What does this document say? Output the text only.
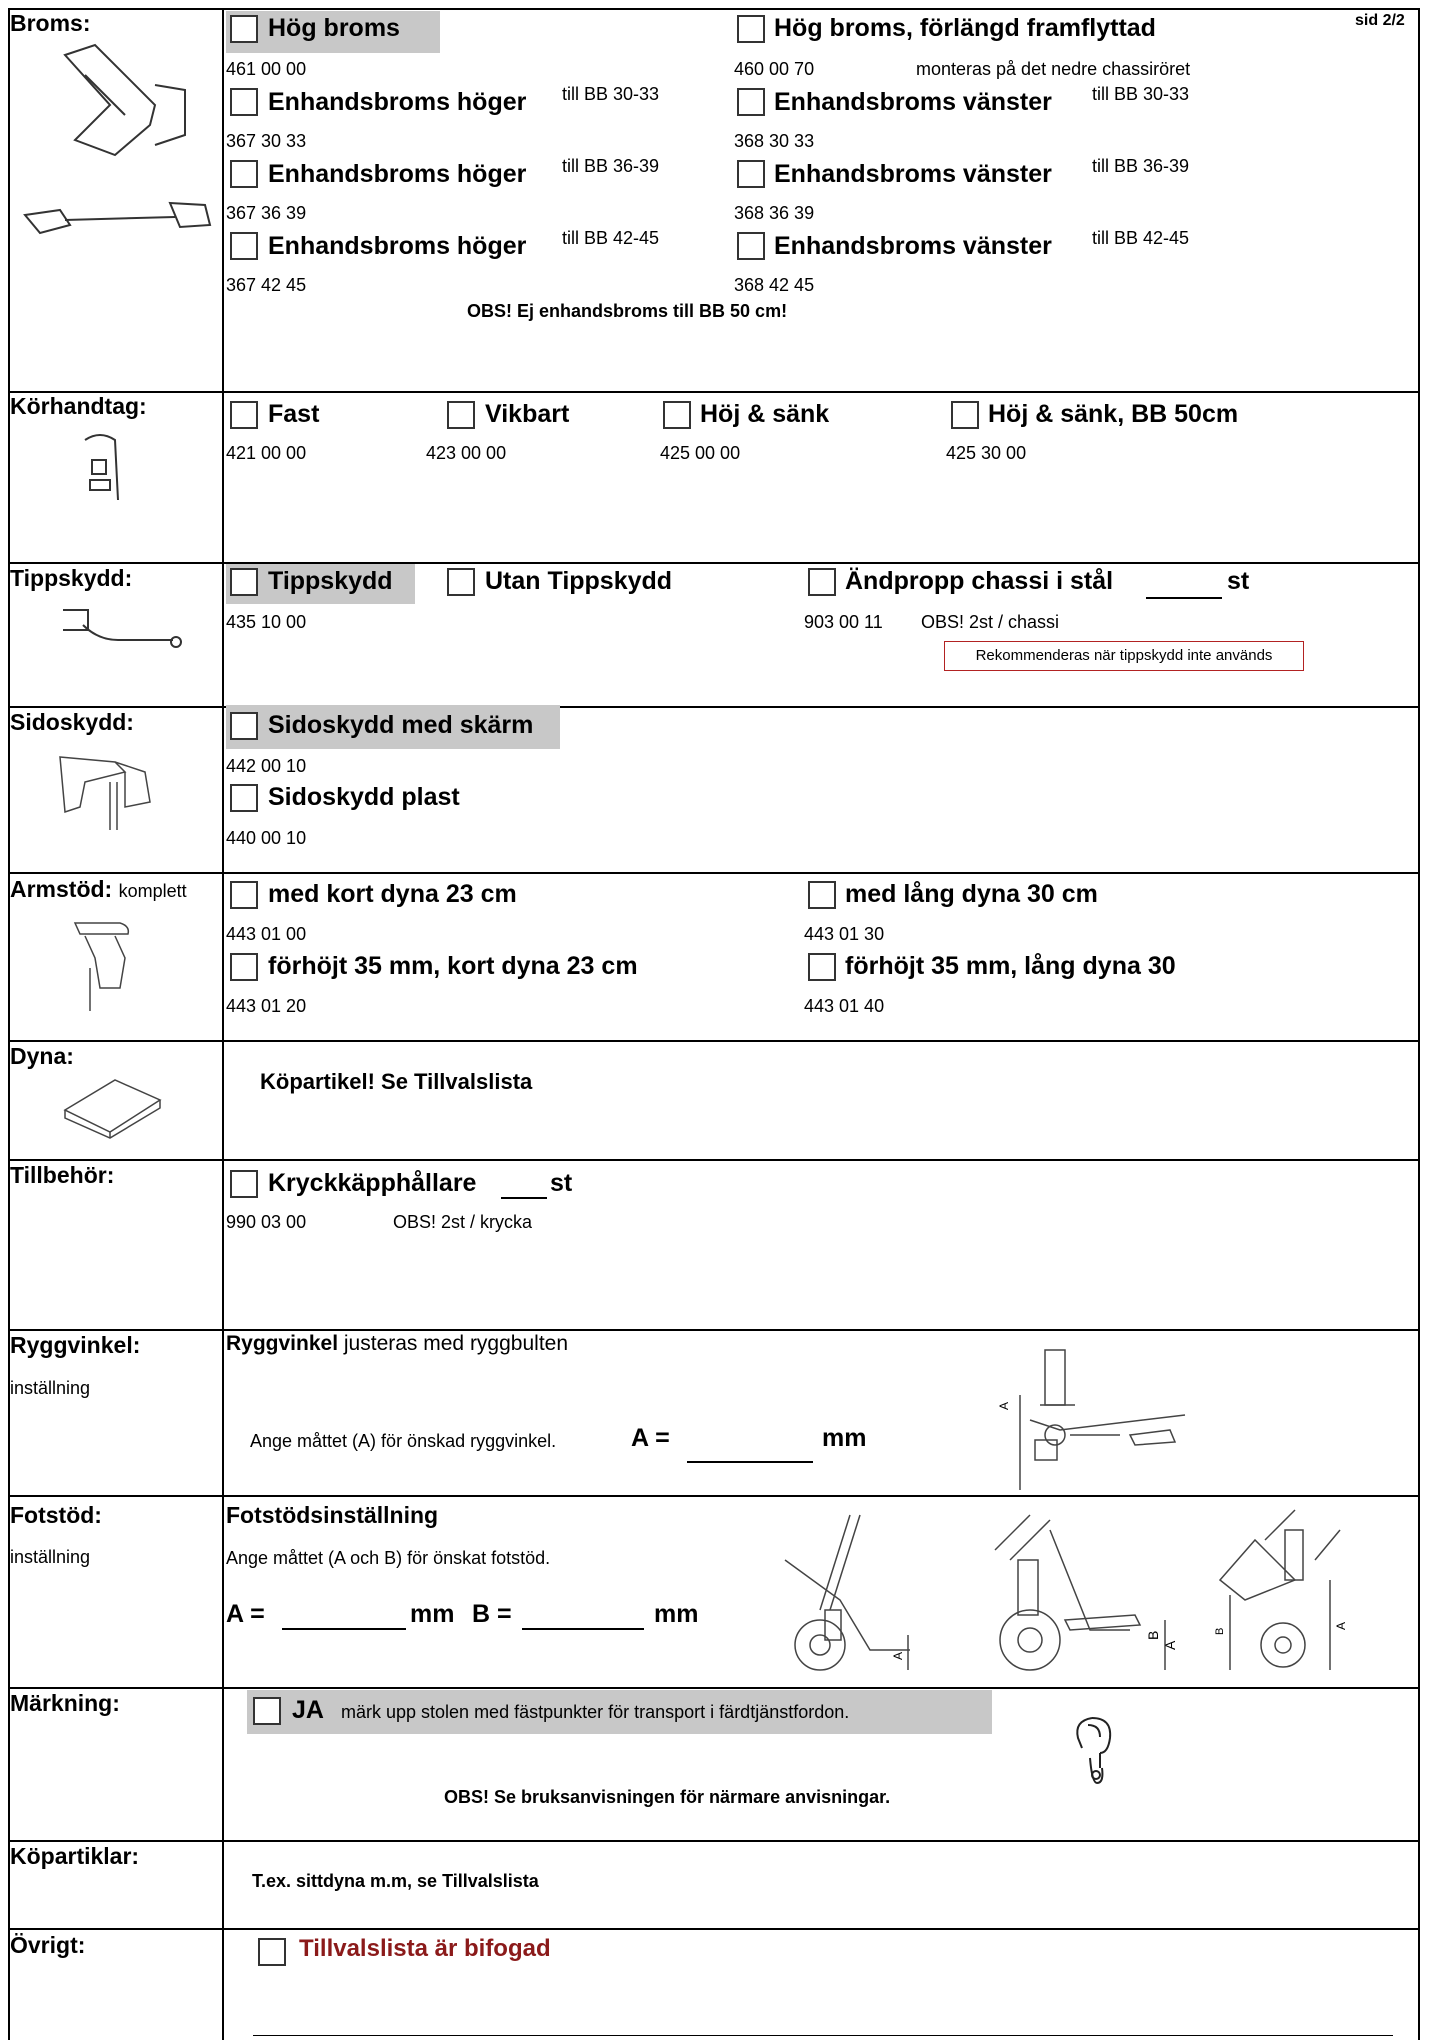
sid 2/2
Broms:	Hög broms
461 00 00
Hög broms, förlängd framflyttad
460 00 70	monteras på det nedre chassiröret
Enhandsbroms höger till BB 30-33
367 30 33
Enhandsbroms vänster till BB 30-33
368 30 33
Enhandsbroms höger till BB 36-39
367 36 39
Enhandsbroms vänster till BB 36-39
368 36 39
Enhandsbroms höger till BB 42-45
367 42 45
Enhandsbroms vänster till BB 42-45
368 42 45
OBS! Ej enhandsbroms till BB 50 cm!
Körhandtag:	Fast
421 00 00
Vikbart
423 00 00
Höj & sänk
425 00 00
Höj & sänk, BB 50cm
425 30 00
Tippskydd:	Tippskydd
435 10 00
Utan Tippskydd	Ändpropp chassi i stål	st
903 00 11 OBS! 2st / chassi
Rekommenderas när tippskydd inte används
Sidoskydd:	Sidoskydd med skärm
442 00 10
Sidoskydd plast
440 00 10
Armstöd: komplett	med kort dyna 23 cm
443 01 00
med lång dyna 30 cm
443 01 30
förhöjt 35 mm, kort dyna 23 cm
443 01 20
förhöjt 35 mm, lång dyna 30
443 01 40
Dyna:
Köpartikel! Se Tillvalslista
Tillbehör:	Kryckkäpphållare	st
990 03 00	OBS! 2st / krycka
Ryggvinkel:
inställning
Ryggvinkel justeras med ryggbulten
Ange måttet (A) för önskad ryggvinkel.	A =	mm
A
Fotstöd:
inställning
Fotstödsinställning
Ange måttet (A och B) för önskat fotstöd.
A =	mm B =	mm
A
B
A
B
A
Märkning:	JA märk upp stolen med fästpunkter för transport i färdtjänstfordon.
OBS! Se bruksanvisningen för närmare anvisningar.
Köpartiklar:
T.ex. sittdyna m.m, se Tillvalslista
Övrigt:	Tillvalslista är bifogad
